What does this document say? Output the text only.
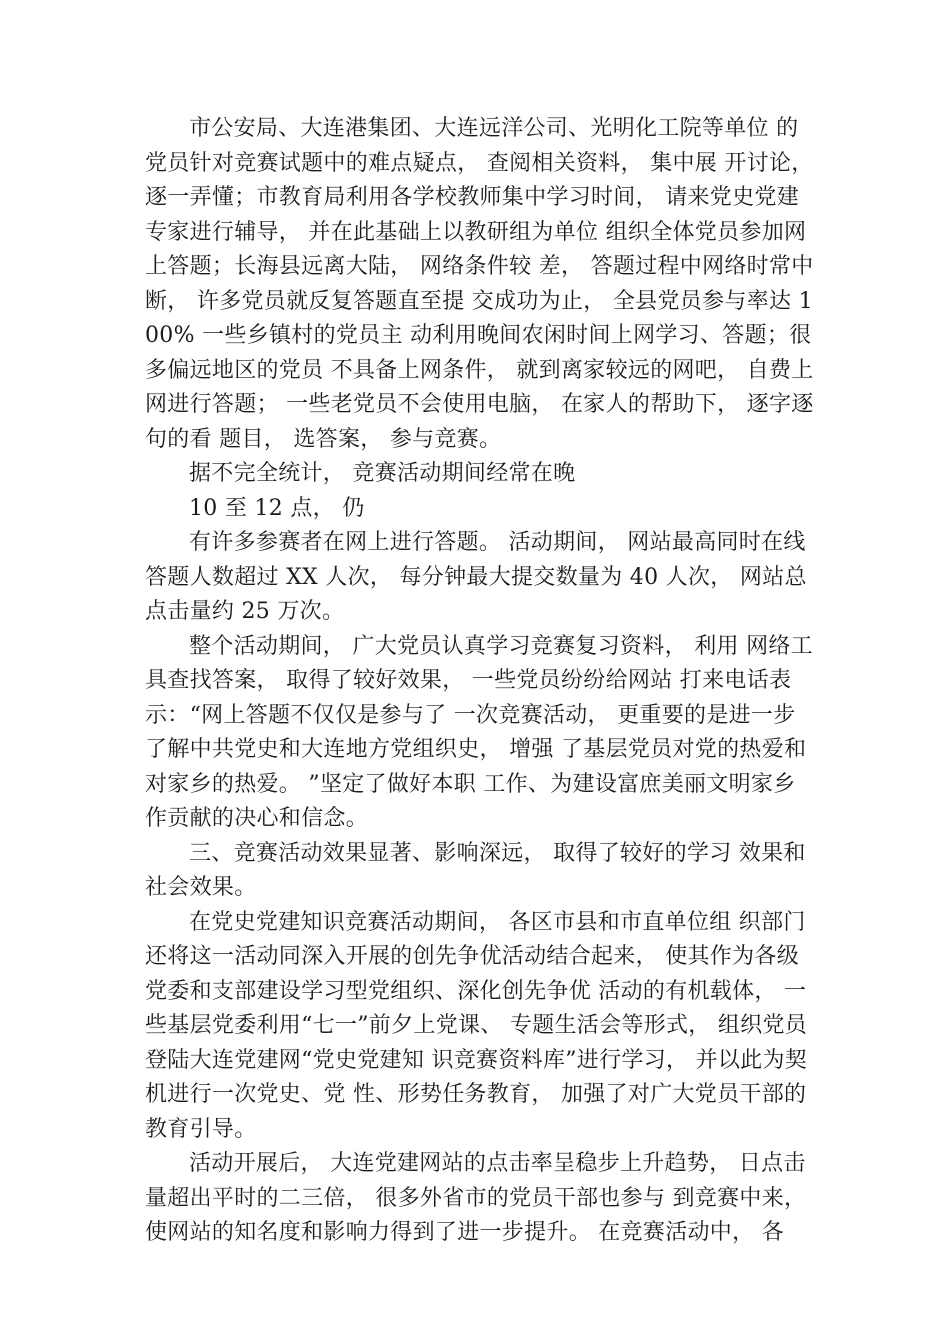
市公安局、大连港集团、大连远洋公司、光明化工院等单位 的党员针对竞赛试题中的难点疑点， 查阅相关资料， 集中展 开讨论， 逐一弄懂；市教育局利用各学校教师集中学习时间， 请来党史党建专家进行辅导， 并在此基础上以教研组为单位 组织全体党员参加网上答题；长海县远离大陆， 网络条件较 差， 答题过程中网络时常中断， 许多党员就反复答题直至提 交成功为止， 全县党员参与率达 100% 一些乡镇村的党员主 动利用晚间农闲时间上网学习、答题；很多偏远地区的党员 不具备上网条件， 就到离家较远的网吧， 自费上网进行答题； 一些老党员不会使用电脑， 在家人的帮助下， 逐字逐句的看 题目， 选答案， 参与竞赛。

据不完全统计， 竞赛活动期间经常在晚

10 至 12 点， 仍

有许多参赛者在网上进行答题。 活动期间， 网站最高同时在线答题人数超过 XX 人次， 每分钟最大提交数量为 40 人次， 网站总点击量约 25 万次。

整个活动期间， 广大党员认真学习竞赛复习资料， 利用 网络工具查找答案， 取得了较好效果， 一些党员纷纷给网站 打来电话表示：“网上答题不仅仅是参与了 一次竞赛活动， 更重要的是进一步了解中共党史和大连地方党组织史， 增强 了基层党员对党的热爱和对家乡的热爱。 ”坚定了做好本职 工作、为建设富庶美丽文明家乡作贡献的决心和信念。

三、竞赛活动效果显著、影响深远， 取得了较好的学习 效果和社会效果。

在党史党建知识竞赛活动期间， 各区市县和市直单位组 织部门还将这一活动同深入开展的创先争优活动结合起来， 使其作为各级党委和支部建设学习型党组织、深化创先争优 活动的有机载体， 一些基层党委利用“七一”前夕上党课、 专题生活会等形式， 组织党员登陆大连党建网“党史党建知 识竞赛资料库”进行学习， 并以此为契机进行一次党史、党 性、形势任务教育， 加强了对广大党员干部的教育引导。

活动开展后， 大连党建网站的点击率呈稳步上升趋势， 日点击量超出平时的二三倍， 很多外省市的党员干部也参与 到竞赛中来， 使网站的知名度和影响力得到了进一步提升。 在竞赛活动中， 各
